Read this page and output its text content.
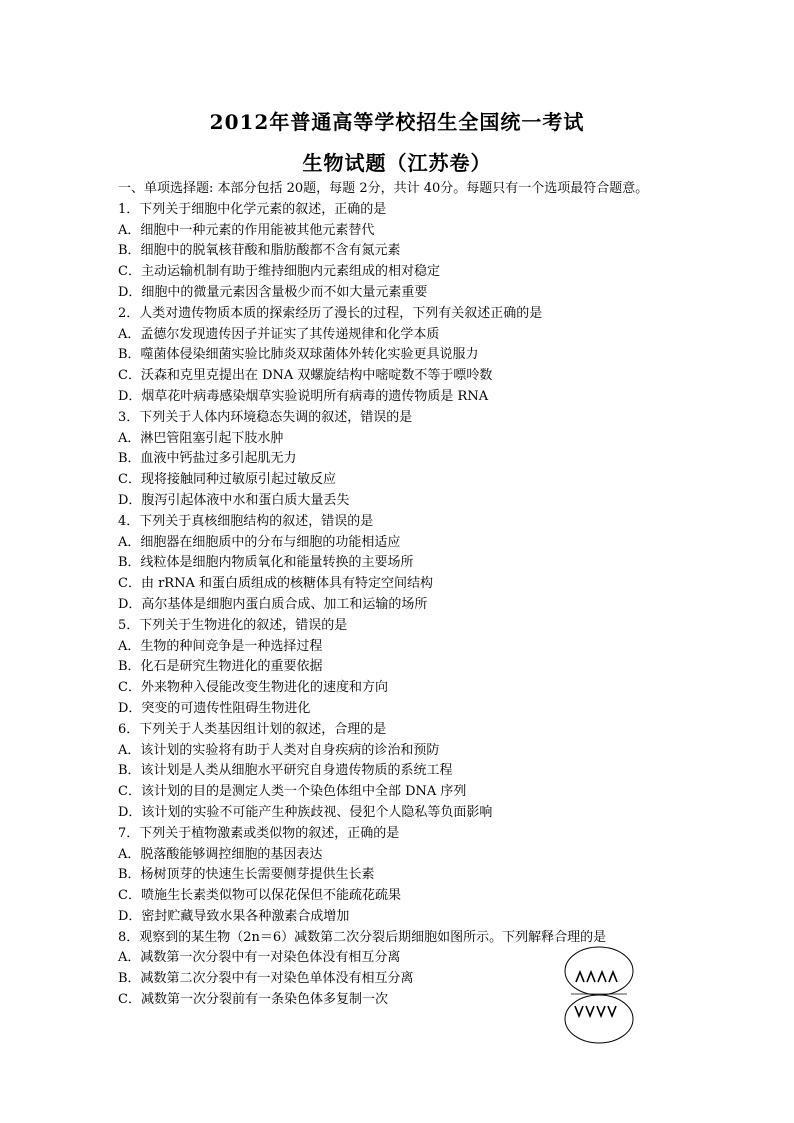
2012年普通高等学校招生全国统一考试
生物试题（江苏卷）
一、单项选择题: 本部分包括 20题，每题 2分，共计 40分。每题只有一个选项最符合题意。
1．下列关于细胞中化学元素的叙述，正确的是
A．细胞中一种元素的作用能被其他元素替代
B．细胞中的脱氧核苷酸和脂肪酸都不含有氮元素
C．主动运输机制有助于维持细胞内元素组成的相对稳定
D．细胞中的微量元素因含量极少而不如大量元素重要
2．人类对遗传物质本质的探索经历了漫长的过程，下列有关叙述正确的是
A．孟德尔发现遗传因子并证实了其传递规律和化学本质
B．噬菌体侵染细菌实验比肺炎双球菌体外转化实验更具说服力
C．沃森和克里克提出在 DNA 双螺旋结构中嘧啶数不等于嘌呤数
D．烟草花叶病毒感染烟草实验说明所有病毒的遗传物质是 RNA
3．下列关于人体内环境稳态失调的叙述，错误的是
A．淋巴管阻塞引起下肢水肿
B．血液中钙盐过多引起肌无力
C．现将接触同种过敏原引起过敏反应
D．腹泻引起体液中水和蛋白质大量丢失
4．下列关于真核细胞结构的叙述，错误的是
A．细胞器在细胞质中的分布与细胞的功能相适应
B．线粒体是细胞内物质氧化和能量转换的主要场所
C．由 rRNA 和蛋白质组成的核糖体具有特定空间结构
D．高尔基体是细胞内蛋白质合成、加工和运输的场所
5．下列关于生物进化的叙述，错误的是
A．生物的种间竞争是一种选择过程
B．化石是研究生物进化的重要依据
C．外来物种入侵能改变生物进化的速度和方向
D．突变的可遗传性阻碍生物进化
6．下列关于人类基因组计划的叙述，合理的是
A．该计划的实验将有助于人类对自身疾病的诊治和预防
B．该计划是人类从细胞水平研究自身遗传物质的系统工程
C．该计划的目的是测定人类一个染色体组中全部 DNA 序列
D．该计划的实验不可能产生种族歧视、侵犯个人隐私等负面影响
7．下列关于植物激素或类似物的叙述，正确的是
A．脱落酸能够调控细胞的基因表达
B．杨树顶芽的快速生长需要侧芽提供生长素
C．喷施生长素类似物可以保花保但不能疏花疏果
D．密封贮藏导致水果各种激素合成增加
8．观察到的某生物（2n＝6）减数第二次分裂后期细胞如图所示。下列解释合理的是
A．减数第一次分裂中有一对染色体没有相互分离
B．减数第二次分裂中有一对染色单体没有相互分离
C．减数第一次分裂前有一条染色体多复制一次
